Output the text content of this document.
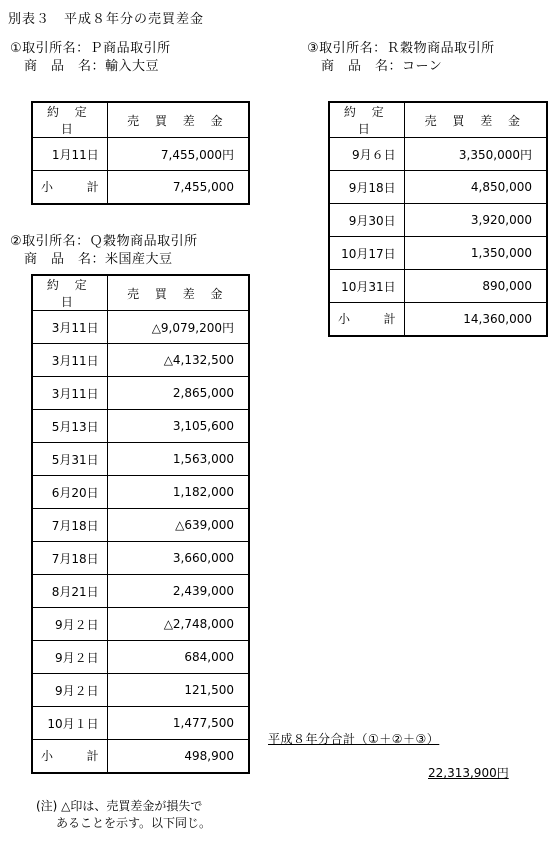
別表３　平成８年分の売買差金
①取引所名：Ｐ商品取引所
商　品　名：輸入大豆
約 定 日	売 買 差 金
1月11日	7,455,000円

小 計	7,455,000
②取引所名：Ｑ穀物商品取引所
商　品　名：米国産大豆
約 定 日	売 買 差 金
3月11日	△9,079,200円
3月11日	△4,132,500
3月11日	2,865,000
5月13日	3,105,600
5月31日	1,563,000
6月20日	1,182,000
7月18日	△639,000
7月18日	3,660,000
8月21日	2,439,000
9月２日	△2,748,000
9月２日	684,000
9月２日	121,500
10月１日	1,477,500

小 計	498,900
③取引所名：Ｒ穀物商品取引所
商　品　名：コーン
約 定 日	売 買 差 金
9月６日	3,350,000円
9月18日	4,850,000
9月30日	3,920,000
10月17日	1,350,000
10月31日	890,000

小 計	14,360,000
平成８年分合計（①＋②＋③）
22,313,900円
(注) △印は、売買差金が損失で
あることを示す。以下同じ。
